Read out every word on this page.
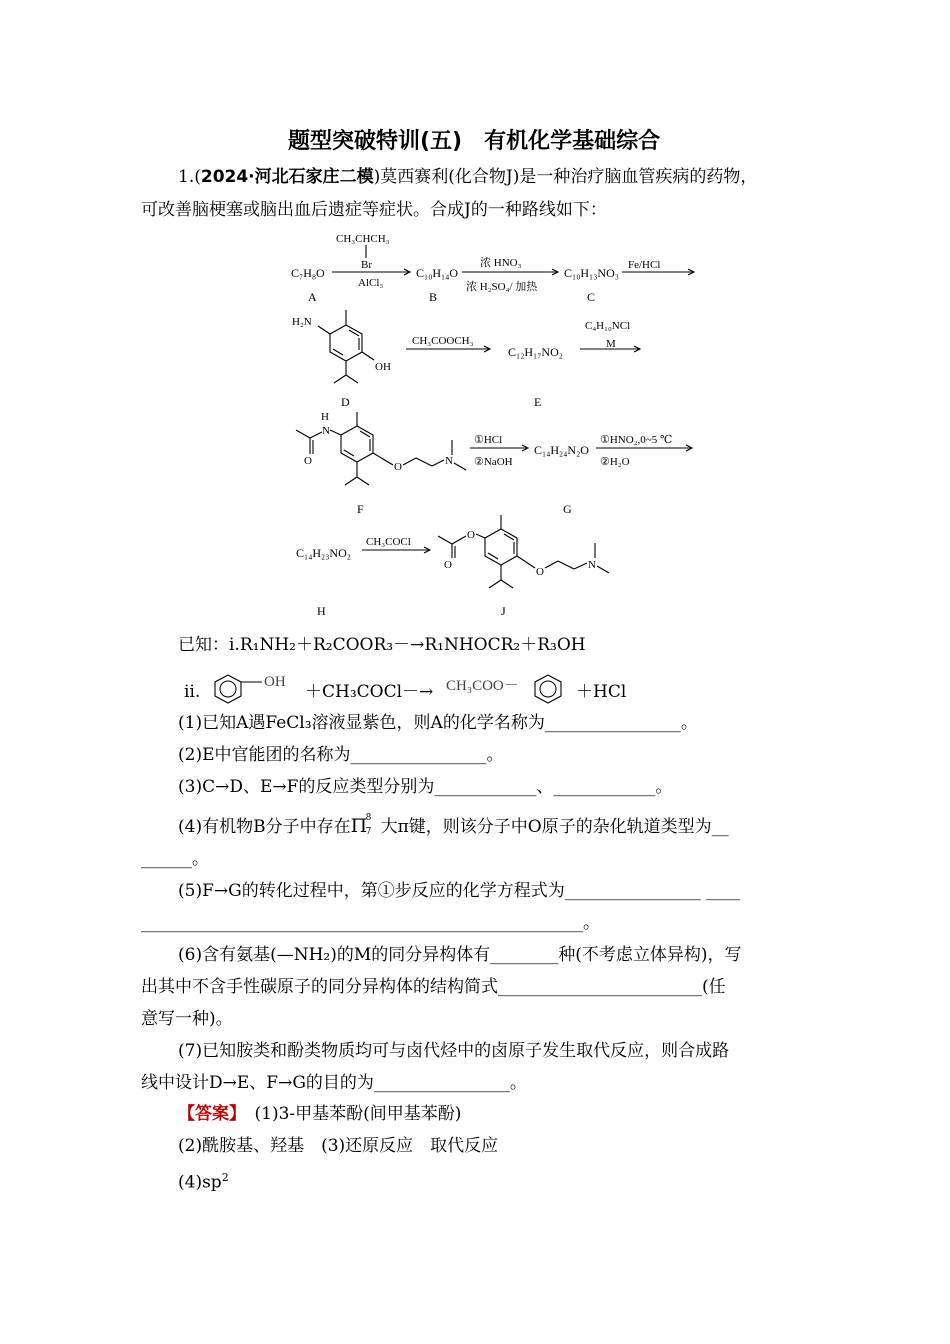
题型突破特训(五)　有机化学基础综合
1.(2024·河北石家庄二模)莫西赛利(化合物J)是一种治疗脑血管疾病的药物，
可改善脑梗塞或脑出血后遗症等症状。合成J的一种路线如下：
C₇H₈O
A
CH₃CHCH₃
Br
AlCl₃
C₁₀H₁₄O
B
浓 HNO₃
浓 H₂SO₄/ 加热
C₁₀H₁₃NO₃
C
Fe/HCl
H₂N
OH
D
CH₃COOCH₃
C₁₂H₁₇NO₂
E
C₄H₁₀NCl
M
H
N
O	O	N
F
①HCl
②NaOH
C₁₄H₂₄N₂O
G
①HNO₂,0~5 ℃
②H₂O
C₁₄H₂₃NO₂
H
CH₃COCl
O
O
O
N
J
已知：ⅰ.R₁NH₂＋R₂COOR₃－→R₁NHOCR₂＋R₃OH
ⅱ.	OH ＋CH₃COCl－→ CH₃COO－	＋HCl
(1)已知A遇FeCl₃溶液显紫色，则A的化学名称为________________。
(2)E中官能团的名称为________________。
(3)C→D、E→F的反应类型分别为____________、____________。
(4)有机物B分子中存在Π
8
7 大π键，则该分子中O原子的杂化轨道类型为__
______。
(5)F→G的转化过程中，第①步反应的化学方程式为________________ ____
____________________________________________________。
(6)含有氨基(—NH₂)的M的同分异构体有________种(不考虑立体异构)，写
出其中不含手性碳原子的同分异构体的结构简式________________________(任
意写一种)。
(7)已知胺类和酚类物质均可与卤代烃中的卤原子发生取代反应，则合成路
线中设计D→E、F→G的目的为________________。
【答案】　 (1)3-甲基苯酚(间甲基苯酚)
(2)酰胺基、羟基　(3)还原反应　取代反应
$(4)sp^2$
